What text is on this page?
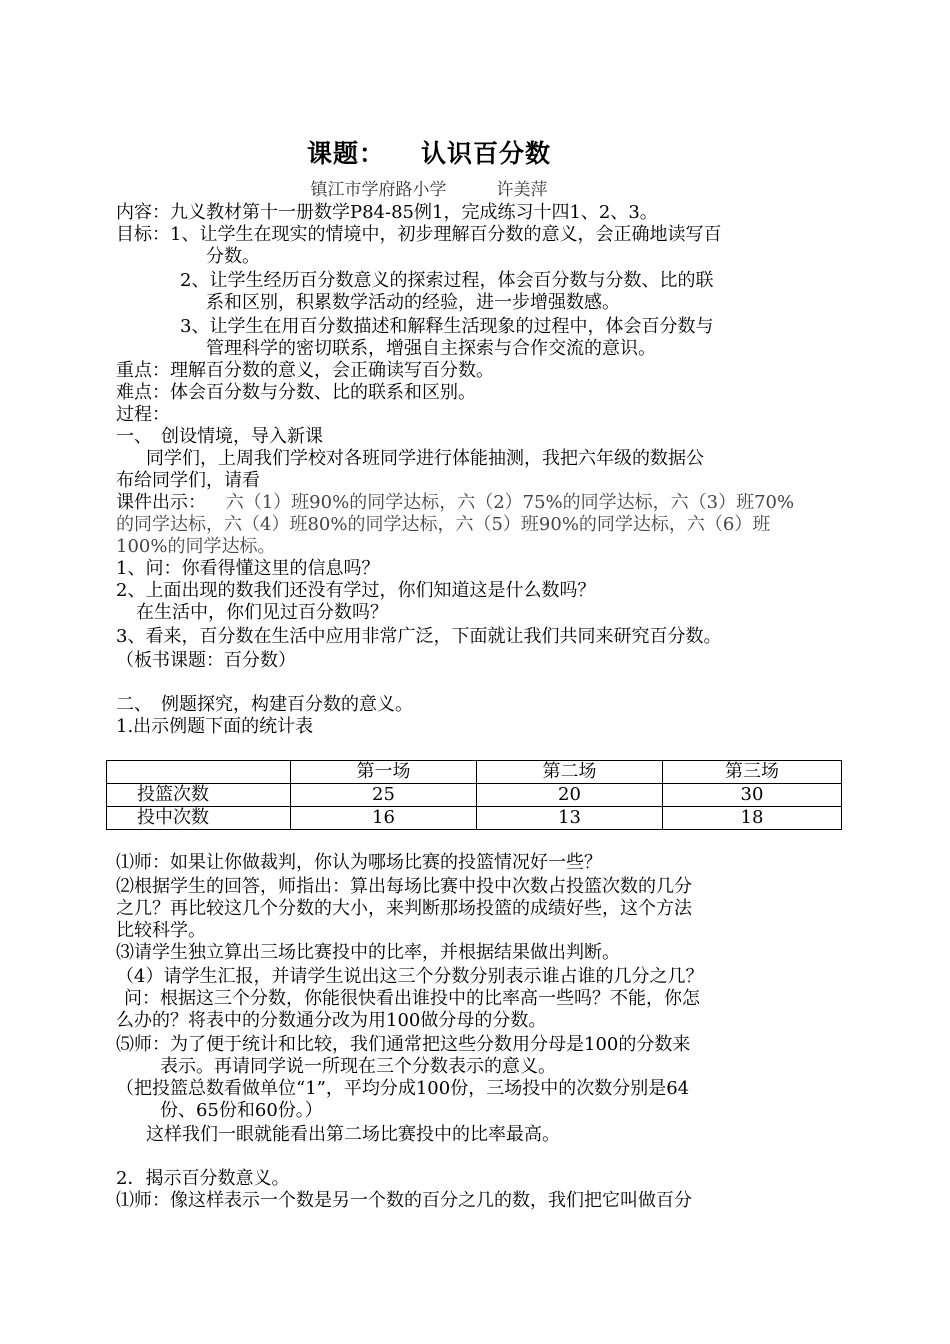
课题： 认识百分数
镇江市学府路小学	许美萍
内容：九义教材第十一册数学P84-85例1，完成练习十四1、2、3。
目标：1、让学生在现实的情境中，初步理解百分数的意义，会正确地读写百
分数。
2、让学生经历百分数意义的探索过程，体会百分数与分数、比的联
系和区别，积累数学活动的经验，进一步增强数感。
3、让学生在用百分数描述和解释生活现象的过程中，体会百分数与
管理科学的密切联系，增强自主探索与合作交流的意识。
重点：理解百分数的意义，会正确读写百分数。
难点：体会百分数与分数、比的联系和区别。
过程：
一、　创设情境，导入新课
同学们，上周我们学校对各班同学进行体能抽测，我把六年级的数据公
布给同学们，请看
课件出示： 六（1）班90%的同学达标，六（2）75%的同学达标，六（3）班70%
的同学达标，六（4）班80%的同学达标，六（5）班90%的同学达标，六（6）班
100%的同学达标。
1、问：你看得懂这里的信息吗？
2、上面出现的数我们还没有学过，你们知道这是什么数吗？
在生活中，你们见过百分数吗？
3、看来，百分数在生活中应用非常广泛，下面就让我们共同来研究百分数。
（板书课题：百分数）
二、　例题探究，构建百分数的意义。
1.出示例题下面的统计表
	第一场	第二场	第三场
投篮次数	25	20	30
投中次数	16	13	18
⑴师：如果让你做裁判，你认为哪场比赛的投篮情况好一些？
⑵根据学生的回答，师指出：算出每场比赛中投中次数占投篮次数的几分
之几？再比较这几个分数的大小，来判断那场投篮的成绩好些，这个方法
比较科学。
⑶请学生独立算出三场比赛投中的比率，并根据结果做出判断。
（4）请学生汇报，并请学生说出这三个分数分别表示谁占谁的几分之几？
问：根据这三个分数，你能很快看出谁投中的比率高一些吗？不能，你怎
么办的？将表中的分数通分改为用100做分母的分数。
⑸师：为了便于统计和比较，我们通常把这些分数用分母是100的分数来
表示。再请同学说一所现在三个分数表示的意义。
（把投篮总数看做单位“1”，平均分成100份，三场投中的次数分别是64
份、65份和60份。）
这样我们一眼就能看出第二场比赛投中的比率最高。
2．揭示百分数意义。
⑴师：像这样表示一个数是另一个数的百分之几的数，我们把它叫做百分
